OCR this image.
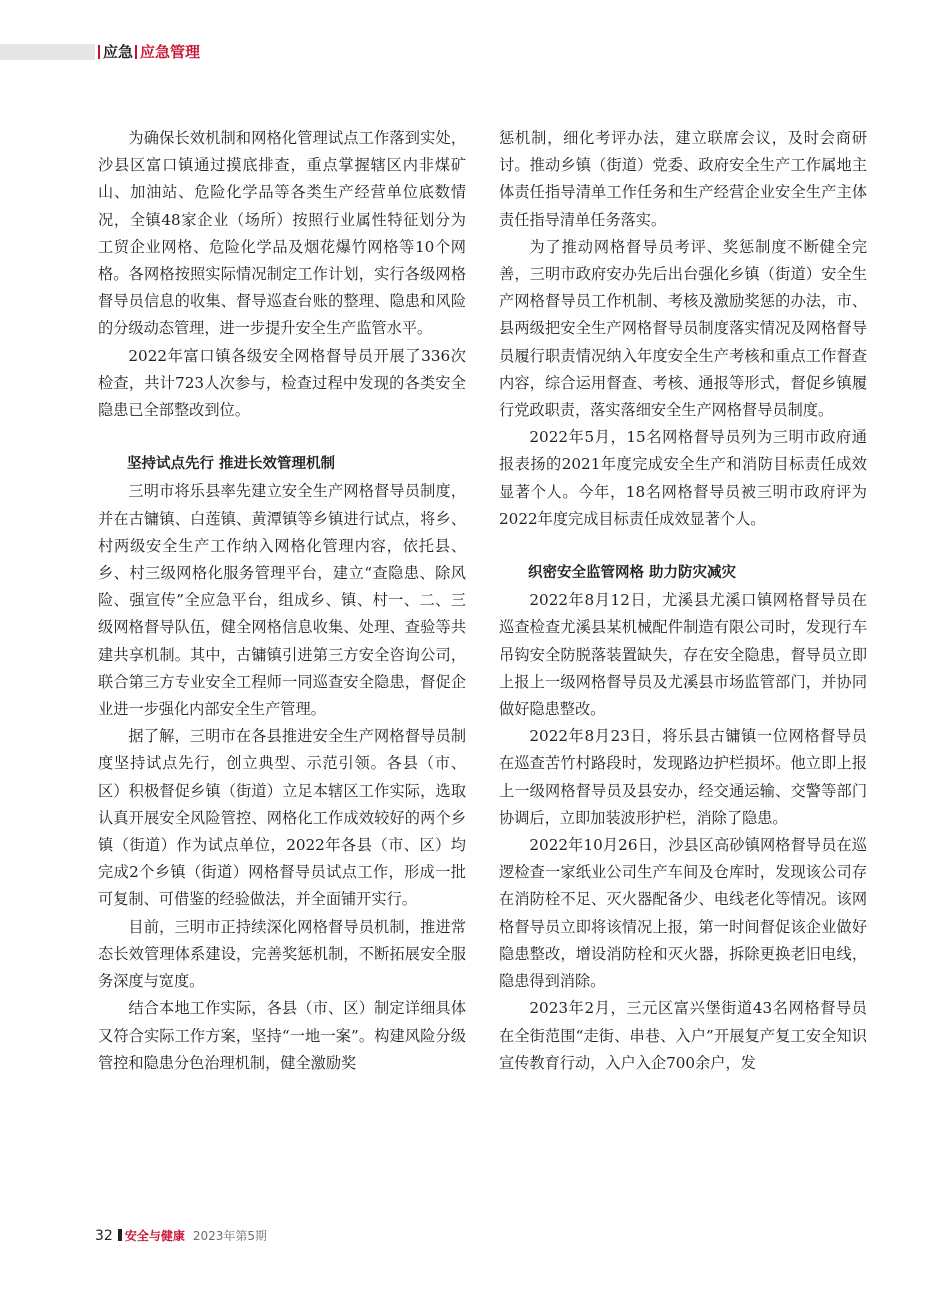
应急 应急管理

为确保长效机制和网格化管理试点工作落到实处，沙县区富口镇通过摸底排查，重点掌握辖区内非煤矿山、加油站、危险化学品等各类生产经营单位底数情况，全镇48家企业（场所）按照行业属性特征划分为工贸企业网格、危险化学品及烟花爆竹网格等10个网格。各网格按照实际情况制定工作计划，实行各级网格督导员信息的收集、督导巡查台账的整理、隐患和风险的分级动态管理，进一步提升安全生产监管水平。

2022年富口镇各级安全网格督导员开展了336次检查，共计723人次参与，检查过程中发现的各类安全隐患已全部整改到位。

坚持试点先行 推进长效管理机制

三明市将乐县率先建立安全生产网格督导员制度，并在古镛镇、白莲镇、黄潭镇等乡镇进行试点，将乡、村两级安全生产工作纳入网格化管理内容，依托县、乡、村三级网格化服务管理平台，建立“查隐患、除风险、强宣传”全应急平台，组成乡、镇、村一、二、三级网格督导队伍，健全网格信息收集、处理、查验等共建共享机制。其中，古镛镇引进第三方安全咨询公司，联合第三方专业安全工程师一同巡查安全隐患，督促企业进一步强化内部安全生产管理。

据了解，三明市在各县推进安全生产网格督导员制度坚持试点先行，创立典型、示范引领。各县（市、区）积极督促乡镇（街道）立足本辖区工作实际，选取认真开展安全风险管控、网格化工作成效较好的两个乡镇（街道）作为试点单位，2022年各县（市、区）均完成2个乡镇（街道）网格督导员试点工作，形成一批可复制、可借鉴的经验做法，并全面铺开实行。

目前，三明市正持续深化网格督导员机制，推进常态长效管理体系建设，完善奖惩机制，不断拓展安全服务深度与宽度。

结合本地工作实际，各县（市、区）制定详细具体又符合实际工作方案，坚持“一地一案”。构建风险分级管控和隐患分色治理机制，健全激励奖

惩机制，细化考评办法，建立联席会议，及时会商研讨。推动乡镇（街道）党委、政府安全生产工作属地主体责任指导清单工作任务和生产经营企业安全生产主体责任指导清单任务落实。

为了推动网格督导员考评、奖惩制度不断健全完善，三明市政府安办先后出台强化乡镇（街道）安全生产网格督导员工作机制、考核及激励奖惩的办法，市、县两级把安全生产网格督导员制度落实情况及网格督导员履行职责情况纳入年度安全生产考核和重点工作督查内容，综合运用督查、考核、通报等形式，督促乡镇履行党政职责，落实落细安全生产网格督导员制度。

2022年5月，15名网格督导员列为三明市政府通报表扬的2021年度完成安全生产和消防目标责任成效显著个人。今年，18名网格督导员被三明市政府评为2022年度完成目标责任成效显著个人。

织密安全监管网格 助力防灾减灾

2022年8月12日，尤溪县尤溪口镇网格督导员在巡查检查尤溪县某机械配件制造有限公司时，发现行车吊钩安全防脱落装置缺失，存在安全隐患，督导员立即上报上一级网格督导员及尤溪县市场监管部门，并协同做好隐患整改。

2022年8月23日，将乐县古镛镇一位网格督导员在巡查苦竹村路段时，发现路边护栏损坏。他立即上报上一级网格督导员及县安办，经交通运输、交警等部门协调后，立即加装波形护栏，消除了隐患。

2022年10月26日，沙县区高砂镇网格督导员在巡逻检查一家纸业公司生产车间及仓库时，发现该公司存在消防栓不足、灭火器配备少、电线老化等情况。该网格督导员立即将该情况上报，第一时间督促该企业做好隐患整改，增设消防栓和灭火器，拆除更换老旧电线，隐患得到消除。

2023年2月，三元区富兴堡街道43名网格督导员在全街范围“走街、串巷、入户”开展复产复工安全知识宣传教育行动，入户入企700余户，发

32 安全与健康 2023年第5期
